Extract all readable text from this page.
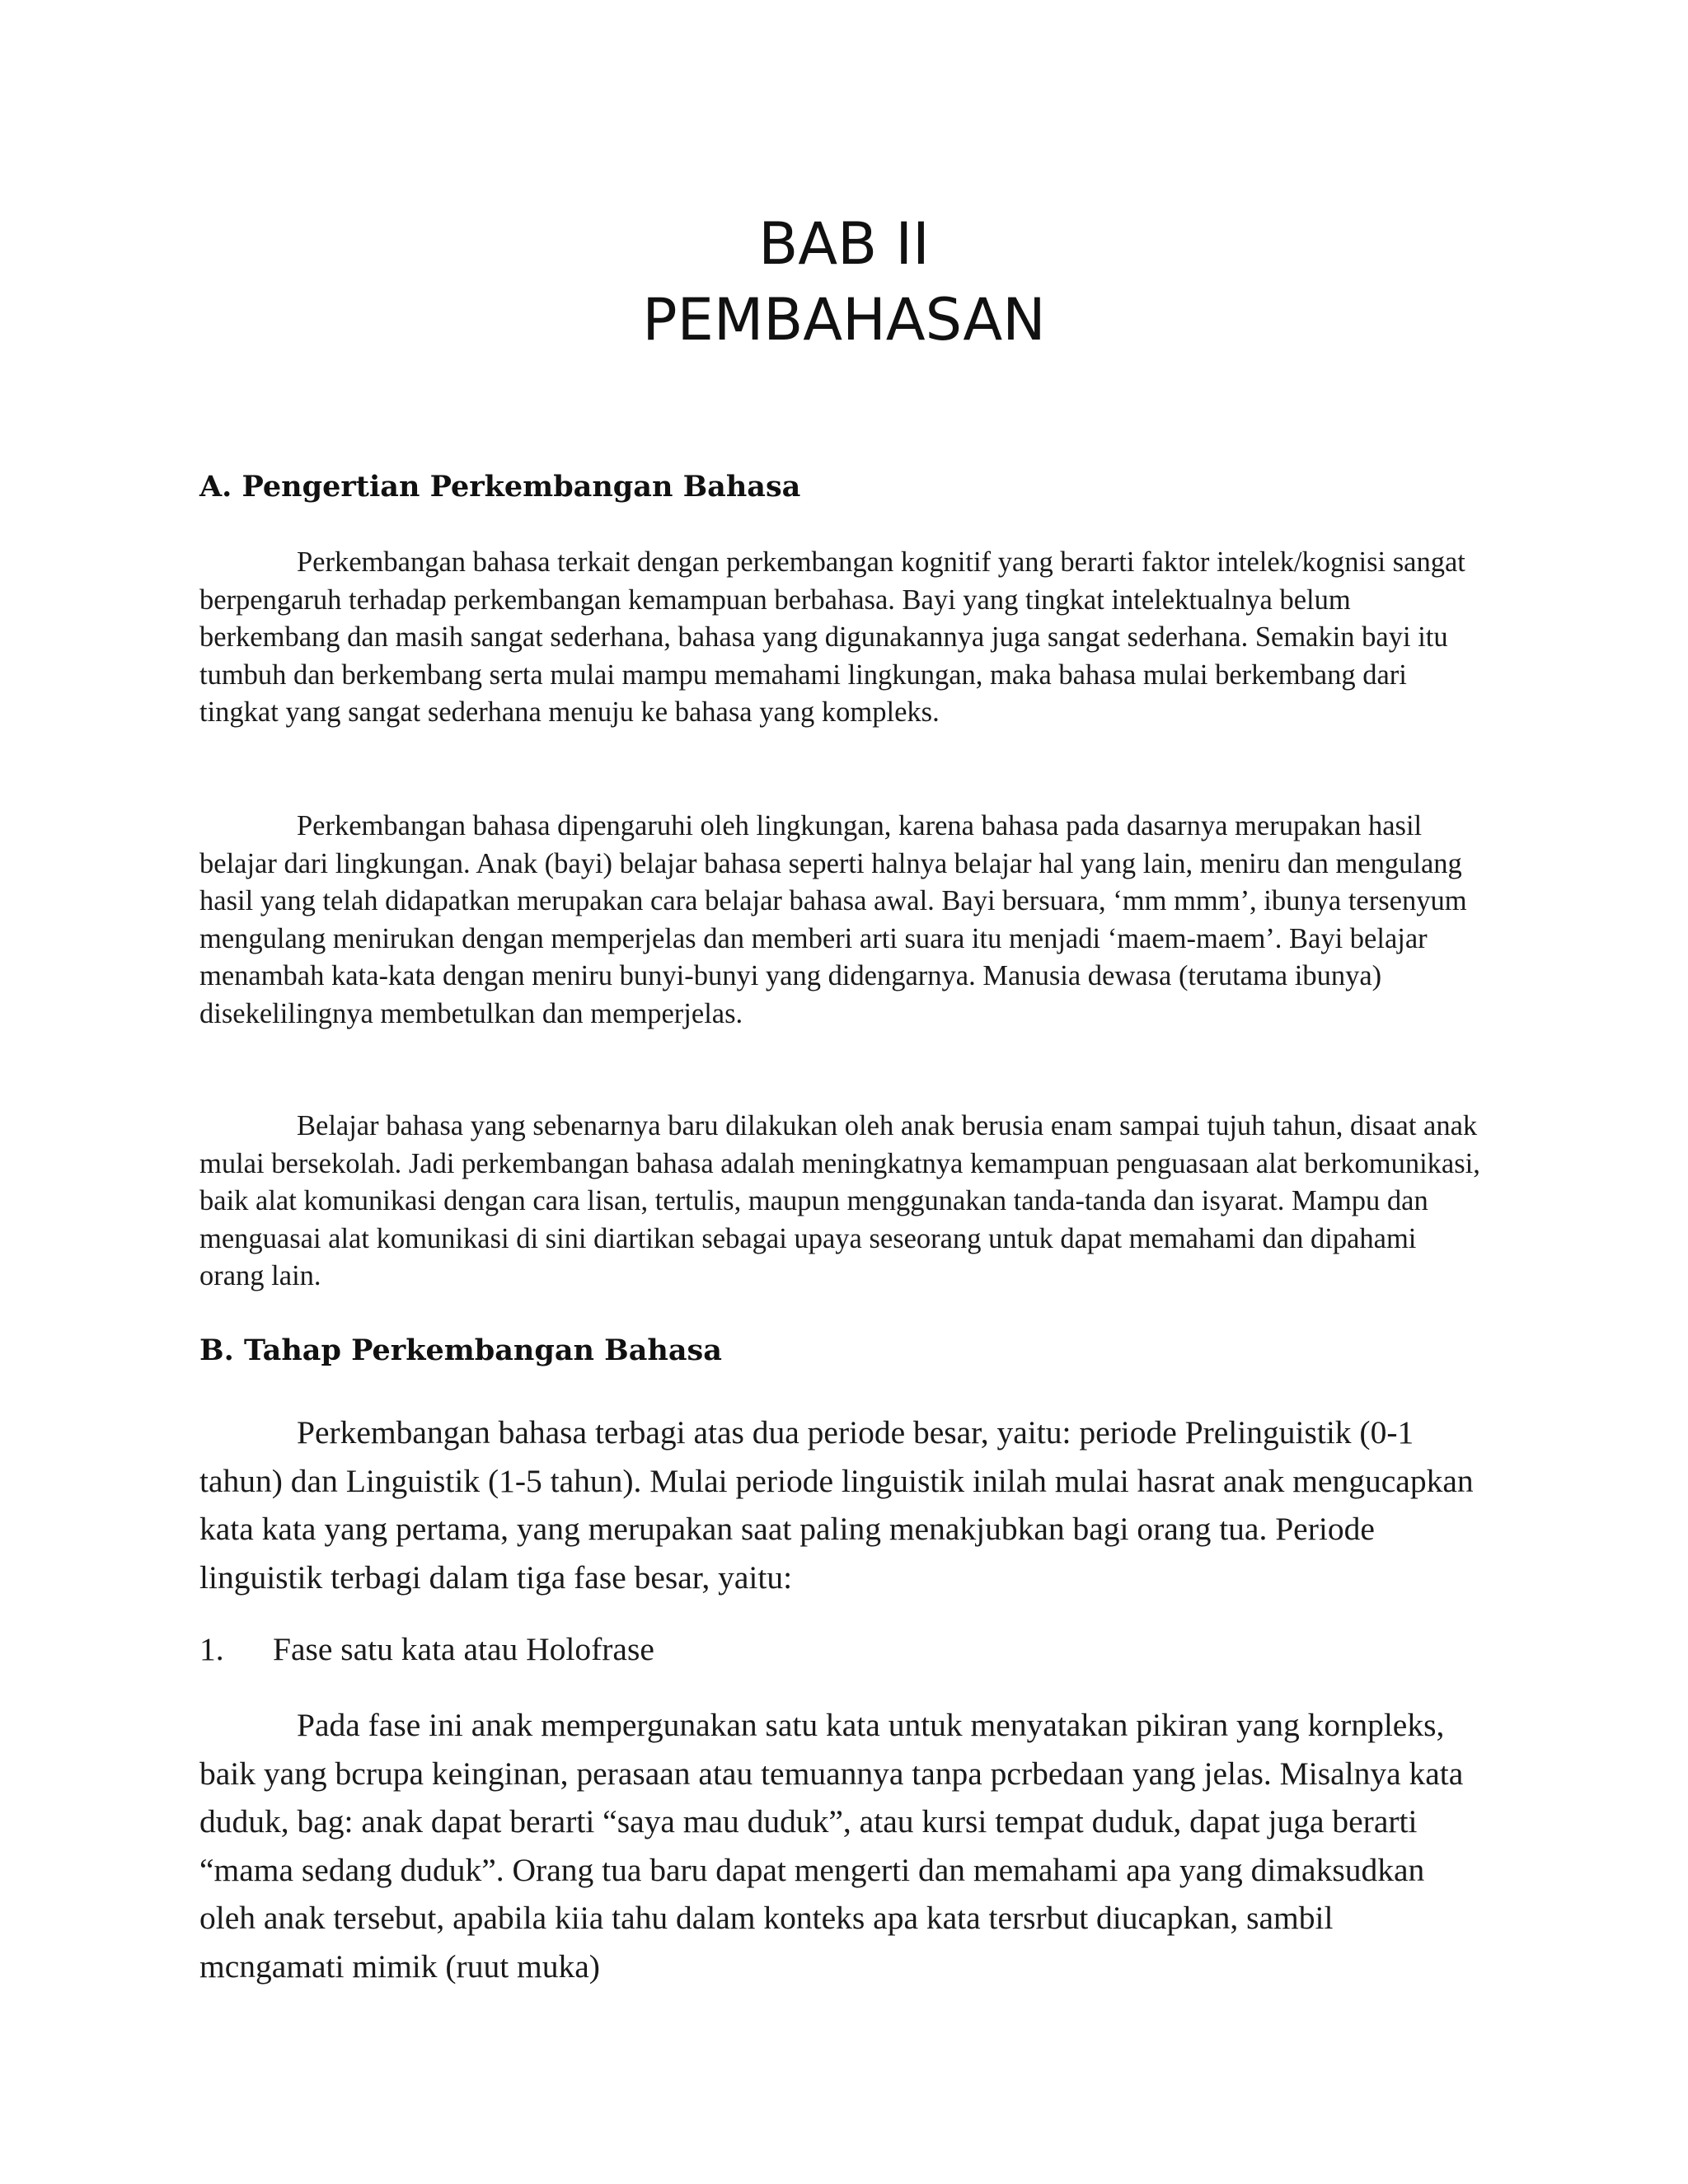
BAB II
PEMBAHASAN
A. Pengertian Perkembangan Bahasa

Perkembangan bahasa terkait dengan perkembangan kognitif yang berarti faktor intelek/kognisi sangat berpengaruh terhadap perkembangan kemampuan berbahasa. Bayi yang tingkat intelektualnya belum berkembang dan masih sangat sederhana, bahasa yang digunakannya juga sangat sederhana. Semakin bayi itu tumbuh dan berkembang serta mulai mampu memahami lingkungan, maka bahasa mulai berkembang dari tingkat yang sangat sederhana menuju ke bahasa yang kompleks.

Perkembangan bahasa dipengaruhi oleh lingkungan, karena bahasa pada dasarnya merupakan hasil belajar dari lingkungan. Anak (bayi) belajar bahasa seperti halnya belajar hal yang lain, meniru dan mengulang hasil yang telah didapatkan merupakan cara belajar bahasa awal. Bayi bersuara, ‘mm mmm’, ibunya tersenyum mengulang menirukan dengan memperjelas dan memberi arti suara itu menjadi ‘maem-maem’. Bayi belajar menambah kata-kata dengan meniru bunyi-bunyi yang didengarnya. Manusia dewasa (terutama ibunya) disekelilingnya membetulkan dan memperjelas.

Belajar bahasa yang sebenarnya baru dilakukan oleh anak berusia enam sampai tujuh tahun, disaat anak mulai bersekolah. Jadi perkembangan bahasa adalah meningkatnya kemampuan penguasaan alat berkomunikasi, baik alat komunikasi dengan cara lisan, tertulis, maupun menggunakan tanda-tanda dan isyarat. Mampu dan menguasai alat komunikasi di sini diartikan sebagai upaya seseorang untuk dapat memahami dan dipahami orang lain.

B. Tahap Perkembangan Bahasa

Perkembangan bahasa terbagi atas dua periode besar, yaitu: periode Prelinguistik (0-1 tahun) dan Linguistik (1-5 tahun). Mulai periode linguistik inilah mulai hasrat anak mengucapkan kata kata yang pertama, yang merupakan saat paling menakjubkan bagi orang tua. Periode linguistik terbagi dalam tiga fase besar, yaitu:

1. Fase satu kata atau Holofrase

Pada fase ini anak mempergunakan satu kata untuk menyatakan pikiran yang kornpleks, baik yang bcrupa keinginan, perasaan atau temuannya tanpa pcrbedaan yang jelas. Misalnya kata duduk, bag: anak dapat berarti “saya mau duduk”, atau kursi tempat duduk, dapat juga berarti “mama sedang duduk”. Orang tua baru dapat mengerti dan memahami apa yang dimaksudkan oleh anak tersebut, apabila kiia tahu dalam konteks apa kata tersrbut diucapkan, sambil mcngamati mimik (ruut muka)
